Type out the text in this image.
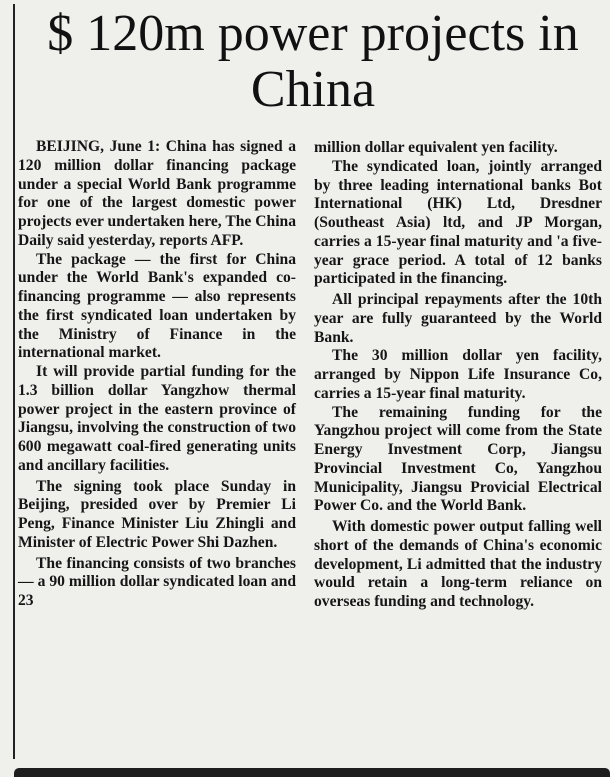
$ 120m power projects in China

BEIJING, June 1: China has signed a 120 million dollar financing package under a special World Bank programme for one of the largest domestic power projects ever undertaken here, The China Daily said yesterday, reports AFP.

The package — the first for China under the World Bank's expanded co-financing programme — also represents the first syndicated loan undertaken by the Ministry of Finance in the international market.

It will provide partial funding for the 1.3 billion dollar Yangzhow thermal power project in the eastern province of Jiangsu, involving the construction of two 600 megawatt coal-fired generating units and ancillary facilities.

The signing took place Sunday in Beijing, presided over by Premier Li Peng, Finance Minister Liu Zhingli and Minister of Electric Power Shi Dazhen.

The financing consists of two branches — a 90 million dollar syndicated loan and 23

million dollar equivalent yen facility.

The syndicated loan, jointly arranged by three leading international banks Bot International (HK) Ltd, Dresdner (Southeast Asia) ltd, and JP Morgan, carries a 15-year final maturity and 'a five-year grace period. A total of 12 banks participated in the financing.

All principal repayments after the 10th year are fully guaranteed by the World Bank.

The 30 million dollar yen facility, arranged by Nippon Life Insurance Co, carries a 15-year final maturity.

The remaining funding for the Yangzhou project will come from the State Energy Investment Corp, Jiangsu Provincial Investment Co, Yangzhou Municipality, Jiangsu Provicial Electrical Power Co. and the World Bank.

With domestic power output falling well short of the demands of China's economic development, Li admitted that the industry would retain a long-term reliance on overseas funding and technology.
